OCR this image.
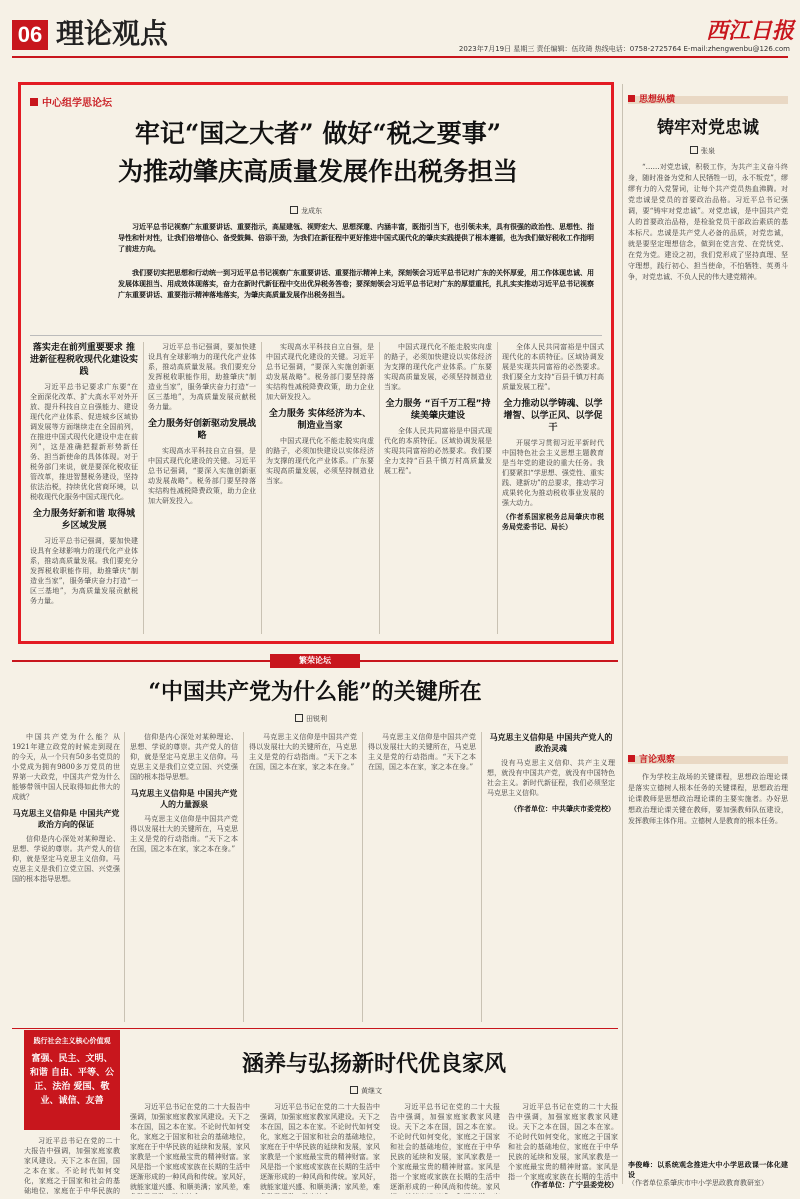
06 理论观点	西江日报
2023年7月19日 星期三 责任编辑：伍玫琦 热线电话：0758-2725764 E-mail:zhengwenbu@126.com
中心组学思论坛
牢记“国之大者” 做好“税之要事”
为推动肇庆高质量发展作出税务担当
龙成东
习近平总书记视察广东重要讲话、重要指示，高屋建瓴、视野宏大、思想深邃、内涵丰富，既指引当下，也引领未来，具有很强的政治性、思想性、指导性和针对性，让我们倍增信心、备受鼓舞、倍添干劲，为我们在新征程中更好推进中国式现代化的肇庆实践提供了根本遵循，也为我们做好税收工作指明了前进方向。
我们要切实把思想和行动统一到习近平总书记视察广东重要讲话、重要指示精神上来，深刻领会习近平总书记对广东的关怀厚爱，用工作体现忠诚、用发展体现担当、用成效体现落实，奋力在新时代新征程中交出优异税务答卷；要深刻领会习近平总书记对广东的厚望重托，扎扎实实推动习近平总书记视察广东重要讲话、重要指示精神落地落实，为肇庆高质量发展作出税务担当。
落实走在前列重要要求 推进新征程税收现代化建设实践
习近平总书记要求广东要“在全面深化改革、扩大高水平对外开放、提升科技自立自强能力、建设现代化产业体系、促进城乡区域协调发展等方面继续走在全国前列，在推进中国式现代化建设中走在前列”，这是准确把握新形势新任务、担当新使命的具体体现。对于税务部门来说，就是要深化税收征管改革，推进智慧税务建设，坚持依法治税，持续优化营商环境，以税收现代化服务中国式现代化。
全力服务好新和谐 取得城乡区域发展
习近平总书记强调，要加快建设具有全球影响力的现代化产业体系，推动高质量发展。我们要充分发挥税收职能作用，助推肇庆“制造业当家”，服务肇庆奋力打造“一区三基地”，为高质量发展贡献税务力量。
习近平总书记强调，要加快建设具有全球影响力的现代化产业体系，推动高质量发展。我们要充分发挥税收职能作用，助推肇庆“制造业当家”，服务肇庆奋力打造“一区三基地”，为高质量发展贡献税务力量。
全力服务好创新驱动发展战略
实现高水平科技自立自强，是中国式现代化建设的关键。习近平总书记强调，“要深入实施创新驱动发展战略”。税务部门要坚持落实结构性减税降费政策，助力企业加大研发投入。
实现高水平科技自立自强，是中国式现代化建设的关键。习近平总书记强调，“要深入实施创新驱动发展战略”。税务部门要坚持落实结构性减税降费政策，助力企业加大研发投入。
全力服务 实体经济为本、制造业当家
中国式现代化不能走脱实向虚的路子，必须加快建设以实体经济为支撑的现代化产业体系。广东要实现高质量发展，必须坚持制造业当家。
中国式现代化不能走脱实向虚的路子，必须加快建设以实体经济为支撑的现代化产业体系。广东要实现高质量发展，必须坚持制造业当家。
全力服务 “百千万工程”持续美肇庆建设
全体人民共同富裕是中国式现代化的本质特征。区域协调发展是实现共同富裕的必然要求。我们要全力支持“百县千镇万村高质量发展工程”。
全体人民共同富裕是中国式现代化的本质特征。区域协调发展是实现共同富裕的必然要求。我们要全力支持“百县千镇万村高质量发展工程”。
全力推动以学铸魂、以学增智、以学正风、以学促干
开展学习贯彻习近平新时代中国特色社会主义思想主题教育是当年党的建设的重大任务。我们要紧扣“学思想、强党性、重实践、建新功”的总要求，推动学习成果转化为推动税收事业发展的强大动力。
（作者系国家税务总局肇庆市税务局党委书记、局长）
思想纵横
铸牢对党忠诚
张泉
“……对党忠诚，积极工作，为共产主义奋斗终身，随时准备为党和人民牺牲一切，永不叛党”，缪缪有力的入党誓词，让每个共产党员热血沸腾。对党忠诚是党员的首要政治品格。习近平总书记强调，要“铸牢对党忠诚”。对党忠诚，是中国共产党人的首要政治品格，是检验党员干部政治素质的基本标尺。忠诚是共产党人必备的品质，对党忠诚，就是要坚定理想信念，做到在党言党、在党忧党、在党为党。建设之初，我们党形成了坚持真理、坚守理想，践行初心、担当使命，不怕牺牲、英勇斗争，对党忠诚、不负人民的伟大建党精神。
言论观察
作为学校主战场的关键课程，思想政治理论课是落实立德树人根本任务的关键课程，思想政治理论课教师是思想政治理论课的主要实施者。办好思想政治理论课关键在教师，要加强教师队伍建设，发挥教师主体作用。立德树人是教育的根本任务。
李俊峰：以系统观念推进大中小学思政课一体化建设
（作者单位系肇庆市中小学思政教育教研室）
繁荣论坛
“中国共产党为什么能”的关键所在
田锐利
中国共产党为什么能？从1921年建立政党的时候走到现在的今天，从一个只有50多名党员的小党成为拥有9800多万党员的世界第一大政党，中国共产党为什么能够带领中国人民取得如此伟大的成就？
马克思主义信仰是 中国共产党政治方向的保证
信仰是内心深处对某种理论、思想、学说的尊崇。共产党人的信仰，就是坚定马克思主义信仰。马克思主义是我们立党立国、兴党强国的根本指导思想。
信仰是内心深处对某种理论、思想、学说的尊崇。共产党人的信仰，就是坚定马克思主义信仰。马克思主义是我们立党立国、兴党强国的根本指导思想。
马克思主义信仰是 中国共产党人的力量源泉
马克思主义信仰是中国共产党得以发展壮大的关键所在，马克思主义是党的行动指南。“天下之本在国，国之本在家，家之本在身。”
马克思主义信仰是中国共产党得以发展壮大的关键所在，马克思主义是党的行动指南。“天下之本在国，国之本在家，家之本在身。”
马克思主义信仰是中国共产党得以发展壮大的关键所在，马克思主义是党的行动指南。“天下之本在国，国之本在家，家之本在身。”
马克思主义信仰是 中国共产党人的政治灵魂
没有马克思主义信仰、共产主义理想，就没有中国共产党，就没有中国特色社会主义。新时代新征程，我们必须坚定马克思主义信仰。
（作者单位：中共肇庆市委党校）
践行社会主义核心价值观
富强、民主、文明、和谐 自由、平等、公正、法治 爱国、敬业、诚信、友善
涵养与弘扬新时代优良家风
黄继文
习近平总书记在党的二十大报告中强调，加强家庭家教家风建设。天下之本在国，国之本在家。不论时代如何变化，家庭之于国家和社会的基础地位，家庭在于中华民族的
习近平总书记在党的二十大报告中强调，加强家庭家教家风建设。天下之本在国，国之本在家。不论时代如何变化，家庭之于国家和社会的基础地位，家庭在于中华民族的延续和发展，家风家教是一个家庭最宝贵的精神财富。家风是指一个家庭或家族在长期的生活中逐渐形成的一种风尚和传统。家风好，就能家道兴盛、和顺美满；家风差，难
习近平总书记在党的二十大报告中强调，加强家庭家教家风建设。天下之本在国，国之本在家。不论时代如何变化，家庭之于国家和社会的基础地位，家庭在于中华民族的延续和发展，家风家教是一个家庭最宝贵的精神财富。家风是指一个家庭或家族在长期的生活中逐渐形成的一种风尚和传统。家风好，就能家道兴盛、和顺美满；家风差，难
习近平总书记在党的二十大报告中强调，加强家庭家教家风建设。天下之本在国，国之本在家。不论时代如何变化，家庭之于国家和社会的基础地位，家庭在于中华民族的延续和发展，家风家教是一个家庭最宝贵的精神财富。家风是指一个家庭或家族在长期的生活中逐渐形成的一种风尚和传统。家风
习近平总书记在党的二十大报告中强调，加强家庭家教家风建设。天下之本在国，国之本在家。不论时代如何变化，家庭之于国家和社会的基础地位，家庭在于中华民族的延续和发展，家风家教是一个家庭最宝贵的精神财富。家风是指一个家庭或家族在长期的生活中
（作者单位：广宁县委党校）
